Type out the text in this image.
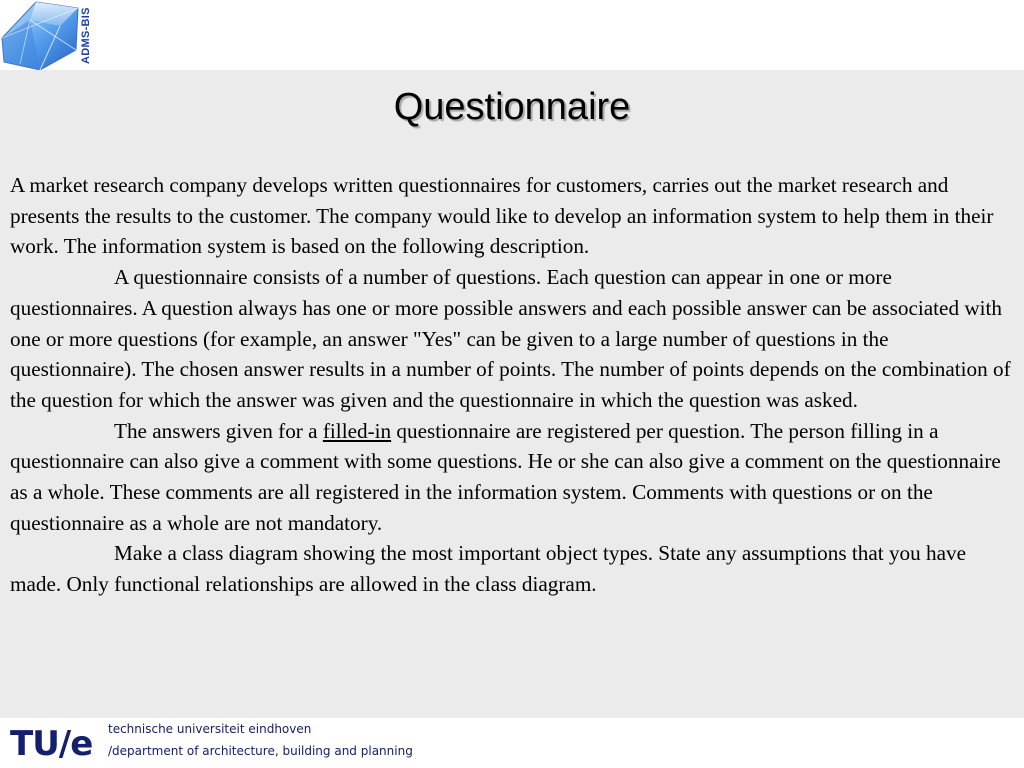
ADMS-BIS
Questionnaire

A market research company develops written questionnaires for customers, carries out the market research and presents the results to the customer. The company would like to develop an information system to help them in their work. The information system is based on the following description.

A questionnaire consists of a number of questions. Each question can appear in one or more questionnaires. A question always has one or more possible answers and each possible answer can be associated with one or more questions (for example, an answer "Yes" can be given to a large number of questions in the questionnaire). The chosen answer results in a number of points. The number of points depends on the combination of the question for which the answer was given and the questionnaire in which the question was asked.

The answers given for a filled-in questionnaire are registered per question. The person filling in a questionnaire can also give a comment with some questions. He or she can also give a comment on the questionnaire as a whole. These comments are all registered in the information system. Comments with questions or on the questionnaire as a whole are not mandatory.

Make a class diagram showing the most important object types. State any assumptions that you have made. Only functional relationships are allowed in the class diagram.

TU/e technische universiteit eindhoven
/department of architecture, building and planning
